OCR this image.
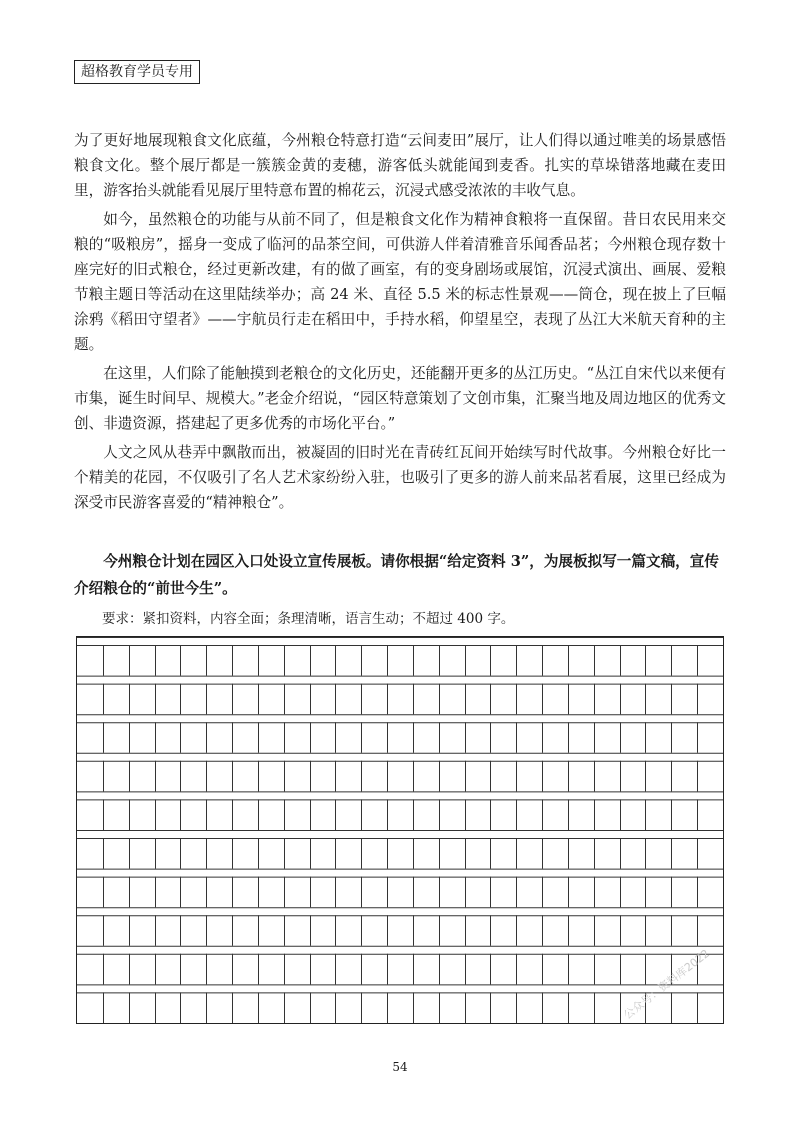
超格教育学员专用

为了更好地展现粮食文化底蕴，今州粮仓特意打造“云间麦田”展厅，让人们得以通过唯美的场景感悟粮食文化。整个展厅都是一簇簇金黄的麦穗，游客低头就能闻到麦香。扎实的草垛错落地藏在麦田里，游客抬头就能看见展厅里特意布置的棉花云，沉浸式感受浓浓的丰收气息。

如今，虽然粮仓的功能与从前不同了，但是粮食文化作为精神食粮将一直保留。昔日农民用来交粮的“吸粮房”，摇身一变成了临河的品茶空间，可供游人伴着清雅音乐闻香品茗；今州粮仓现存数十座完好的旧式粮仓，经过更新改建，有的做了画室，有的变身剧场或展馆，沉浸式演出、画展、爱粮节粮主题日等活动在这里陆续举办；高 24 米、直径 5.5 米的标志性景观——筒仓，现在披上了巨幅涂鸦《稻田守望者》——宇航员行走在稻田中，手持水稻，仰望星空，表现了丛江大米航天育种的主题。

在这里，人们除了能触摸到老粮仓的文化历史，还能翻开更多的丛江历史。“丛江自宋代以来便有市集，诞生时间早、规模大。”老金介绍说，“园区特意策划了文创市集，汇聚当地及周边地区的优秀文创、非遗资源，搭建起了更多优秀的市场化平台。”

人文之风从巷弄中飘散而出，被凝固的旧时光在青砖红瓦间开始续写时代故事。今州粮仓好比一个精美的花园，不仅吸引了名人艺术家纷纷入驻，也吸引了更多的游人前来品茗看展，这里已经成为深受市民游客喜爱的“精神粮仓”。

今州粮仓计划在园区入口处设立宣传展板。请你根据“给定资料 3”，为展板拟写一篇文稿，宣传介绍粮仓的“前世今生”。

要求：紧扣资料，内容全面；条理清晰，语言生动；不超过 400 字。
公众号：资料库2022
54
